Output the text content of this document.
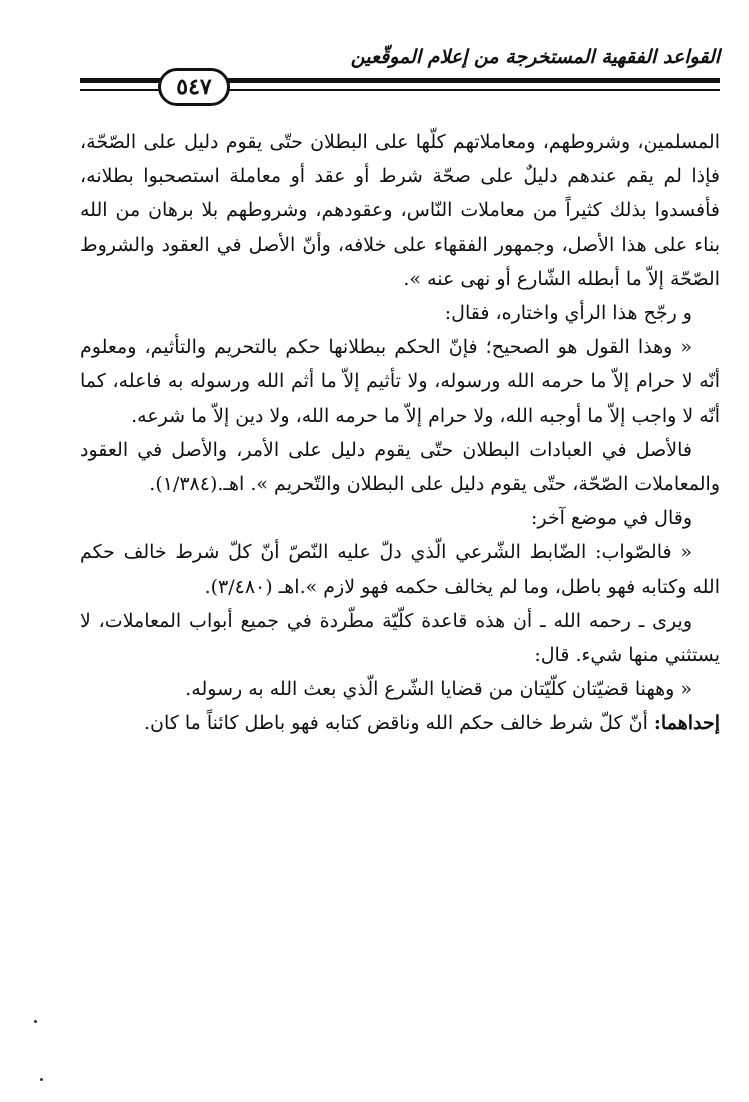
القواعد الفقهية المستخرجة من إعلام الموقّعين
٥٤٧

المسلمين، وشروطهم، ومعاملاتهم كلّها على البطلان حتّى يقوم دليل على الصّحّة، فإذا لم يقم عندهم دليلٌ على صحّة شرط أو عقد أو معاملة استصحبوا بطلانه، فأفسدوا بذلك كثيراً من معاملات النّاس، وعقودهم، وشروطهم بلا برهان من الله بناء على هذا الأصل، وجمهور الفقهاء على خلافه، وأنّ الأصل في العقود والشروط الصّحّة إلاّ ما أبطله الشّارع أو نهى عنه ».

و رجّح هذا الرأي واختاره، فقال:

« وهذا القول هو الصحيح؛ فإنّ الحكم ببطلانها حكم بالتحريم والتأثيم، ومعلوم أنّه لا حرام إلاّ ما حرمه الله ورسوله، ولا تأثيم إلاّ ما أثم الله ورسوله به فاعله، كما أنّه لا واجب إلاّ ما أوجبه الله، ولا حرام إلاّ ما حرمه الله، ولا دين إلاّ ما شرعه.

فالأصل في العبادات البطلان حتّى يقوم دليل على الأمر، والأصل في العقود والمعاملات الصّحّة، حتّى يقوم دليل على البطلان والتّحريم ». اهـ.(١/٣٨٤).

وقال في موضع آخر:

« فالصّواب: الضّابط الشّرعي الّذي دلّ عليه النّصّ أنّ كلّ شرط خالف حكم الله وكتابه فهو باطل، وما لم يخالف حكمه فهو لازم ».اهـ (٣/٤٨٠).

ويرى ـ رحمه الله ـ أن هذه قاعدة كلّيّة مطّردة في جميع أبواب المعاملات، لا يستثني منها شيء. قال:

« وههنا قضيّتان كلّيّتان من قضايا الشّرع الّذي بعث الله به رسوله.

إحداهما: أنّ كلّ شرط خالف حكم الله وناقض كتابه فهو باطل كائناً ما كان.
